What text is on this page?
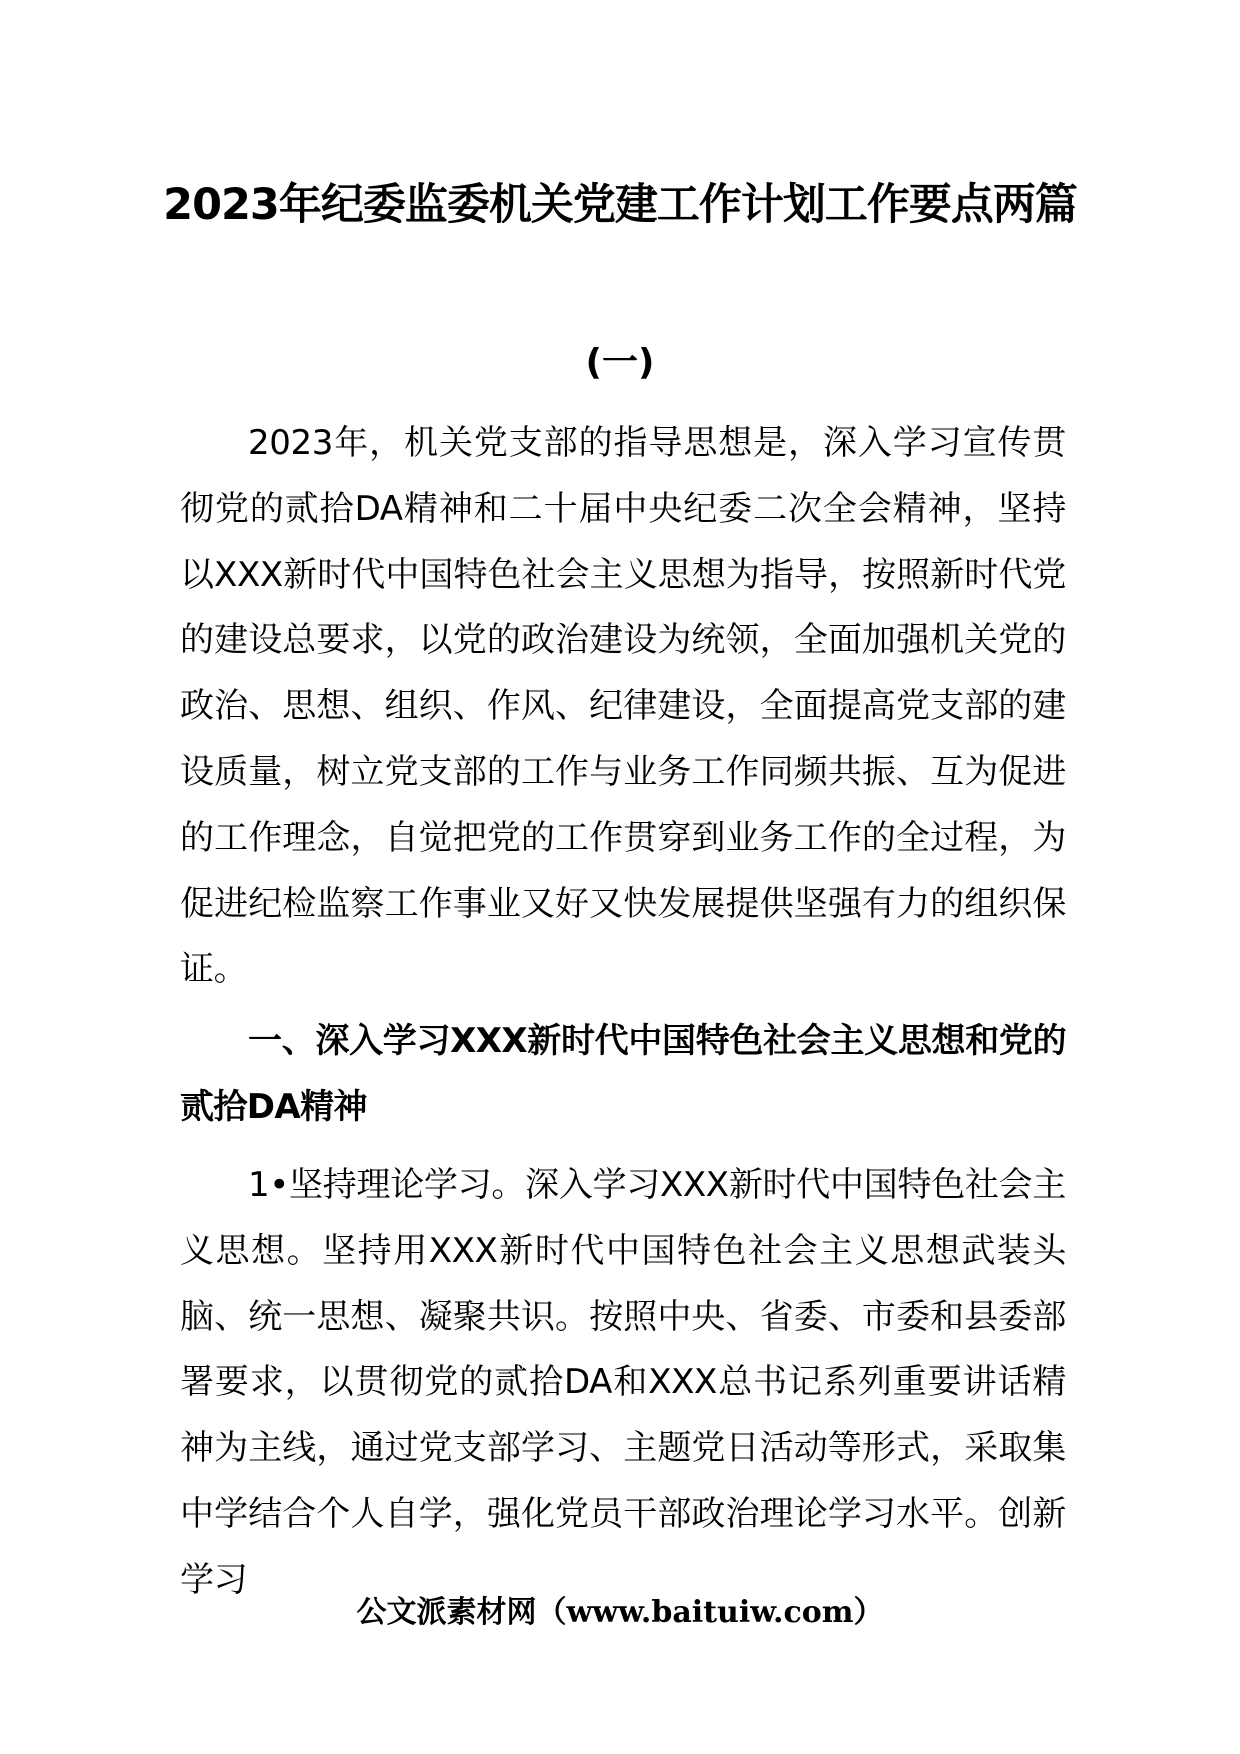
2023年纪委监委机关党建工作计划工作要点两篇
(一)

2023年，机关党支部的指导思想是，深入学习宣传贯彻党的贰拾DA精神和二十届中央纪委二次全会精神，坚持以XXX新时代中国特色社会主义思想为指导，按照新时代党的建设总要求，以党的政治建设为统领，全面加强机关党的政治、思想、组织、作风、纪律建设，全面提高党支部的建设质量，树立党支部的工作与业务工作同频共振、互为促进的工作理念，自觉把党的工作贯穿到业务工作的全过程，为促进纪检监察工作事业又好又快发展提供坚强有力的组织保证。

一、深入学习XXX新时代中国特色社会主义思想和党的贰拾DA精神

1•坚持理论学习。深入学习XXX新时代中国特色社会主义思想。坚持用XXX新时代中国特色社会主义思想武装头脑、统一思想、凝聚共识。按照中央、省委、市委和县委部署要求，以贯彻党的贰拾DA和XXX总书记系列重要讲话精神为主线，通过党支部学习、主题党日活动等形式，采取集中学结合个人自学，强化党员干部政治理论学习水平。创新学习

公文派素材网（www.baituiw.com）
